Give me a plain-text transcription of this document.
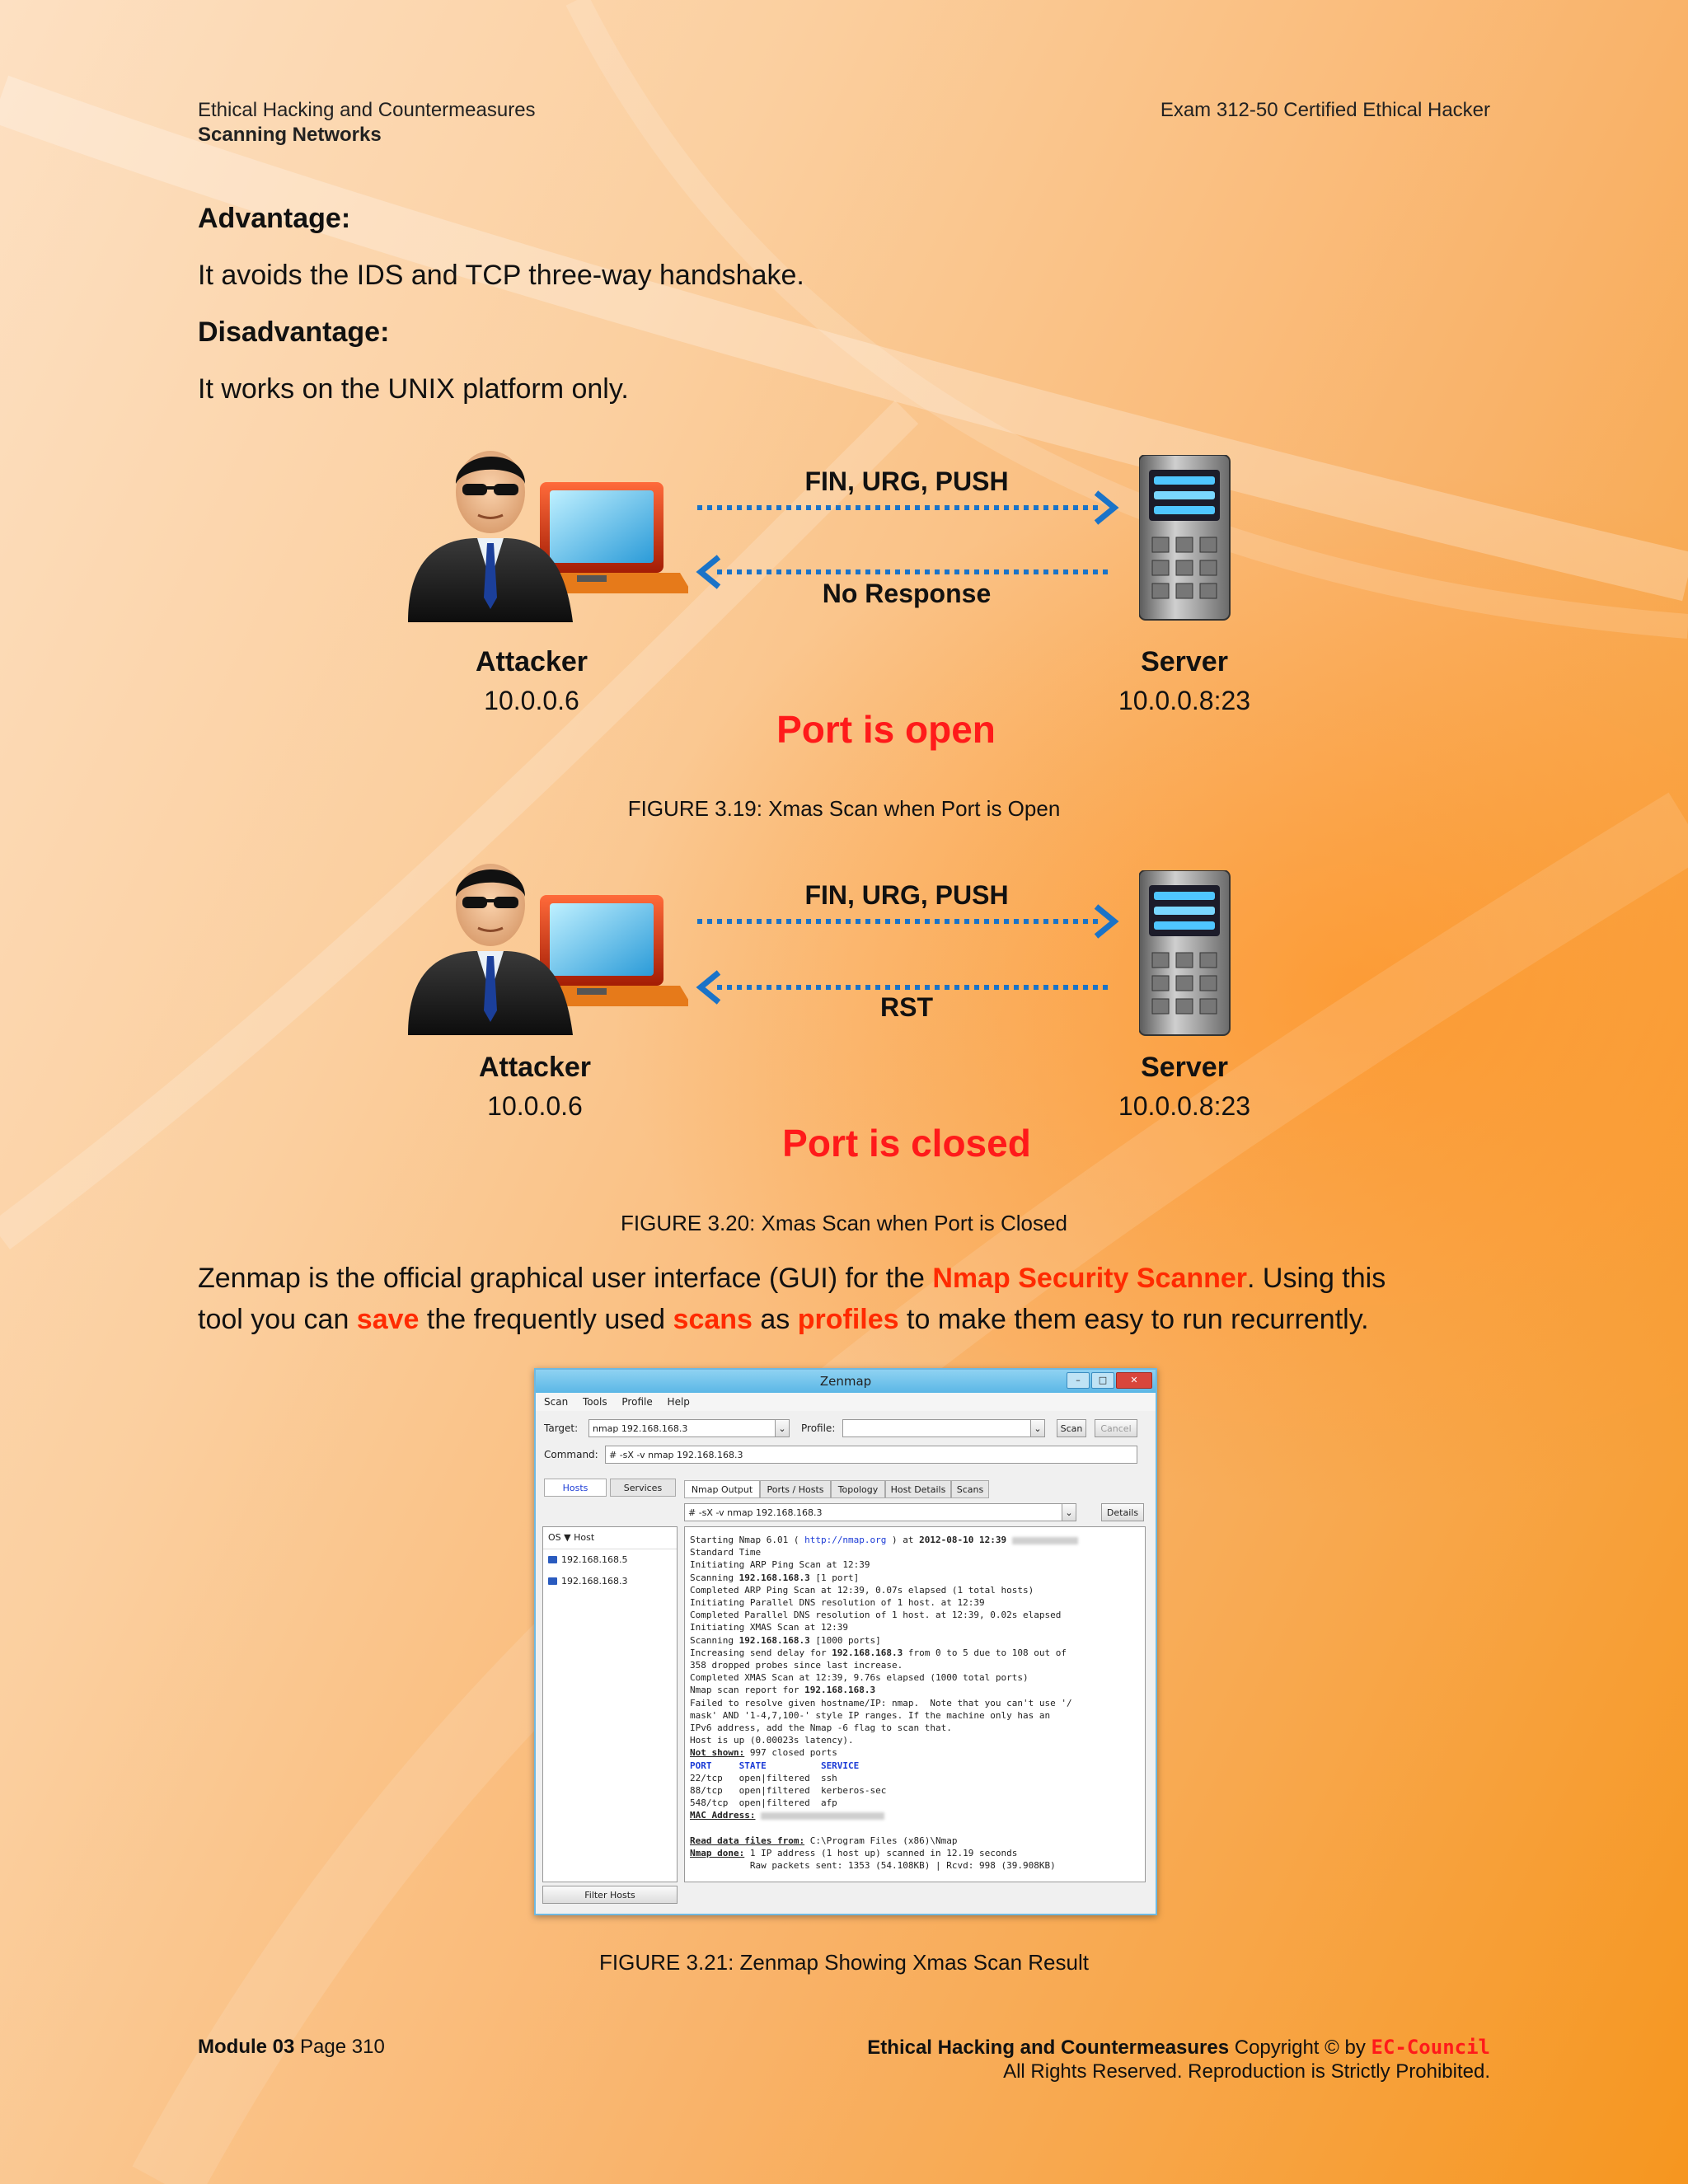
Ethical Hacking and Countermeasures
Scanning Networks
Exam 312-50 Certified Ethical Hacker
Advantage:
It avoids the IDS and TCP three-way handshake.
Disadvantage:
It works on the UNIX platform only.
FIN, URG, PUSH
No Response
Attacker
10.0.0.6
Server
10.0.0.8:23
Port is open
FIGURE 3.19: Xmas Scan when Port is Open
FIN, URG, PUSH
RST
Attacker
10.0.0.6
Server
10.0.0.8:23
Port is closed
FIGURE 3.20: Xmas Scan when Port is Closed
Zenmap is the official graphical user interface (GUI) for the Nmap Security Scanner. Using this
tool you can save the frequently used scans as profiles to make them easy to run recurrently.
Zenmap	–	□	✕
Scan Tools Profile Help
Target:	nmap 192.168.168.3	⌄	Profile:	⌄	Scan	Cancel
Command:	# -sX -v nmap 192.168.168.3
Hosts	Services	Nmap Output	Ports / Hosts	Topology	Host Details	Scans
# -sX -v nmap 192.168.168.3	⌄	Details
OS ▼ Host
192.168.168.5
192.168.168.3
Filter Hosts
Starting Nmap 6.01 ( http://nmap.org ) at 2012-08-10 12:39
Standard Time
Initiating ARP Ping Scan at 12:39
Scanning 192.168.168.3 [1 port]
Completed ARP Ping Scan at 12:39, 0.07s elapsed (1 total hosts)
Initiating Parallel DNS resolution of 1 host. at 12:39
Completed Parallel DNS resolution of 1 host. at 12:39, 0.02s elapsed
Initiating XMAS Scan at 12:39
Scanning 192.168.168.3 [1000 ports]
Increasing send delay for 192.168.168.3 from 0 to 5 due to 108 out of
358 dropped probes since last increase.
Completed XMAS Scan at 12:39, 9.76s elapsed (1000 total ports)
Nmap scan report for 192.168.168.3
Failed to resolve given hostname/IP: nmap.  Note that you can't use '/
mask' AND '1-4,7,100-' style IP ranges. If the machine only has an
IPv6 address, add the Nmap -6 flag to scan that.
Host is up (0.00023s latency).
Not shown: 997 closed ports
PORT     STATE          SERVICE
22/tcp   open|filtered  ssh
88/tcp   open|filtered  kerberos-sec
548/tcp  open|filtered  afp
MAC Address:

Read data files from: C:\Program Files (x86)\Nmap
Nmap done: 1 IP address (1 host up) scanned in 12.19 seconds
Raw packets sent: 1353 (54.108KB) | Rcvd: 998 (39.908KB)
FIGURE 3.21: Zenmap Showing Xmas Scan Result
Module 03 Page 310	Ethical Hacking and Countermeasures Copyright © by EC-Council
All Rights Reserved. Reproduction is Strictly Prohibited.
